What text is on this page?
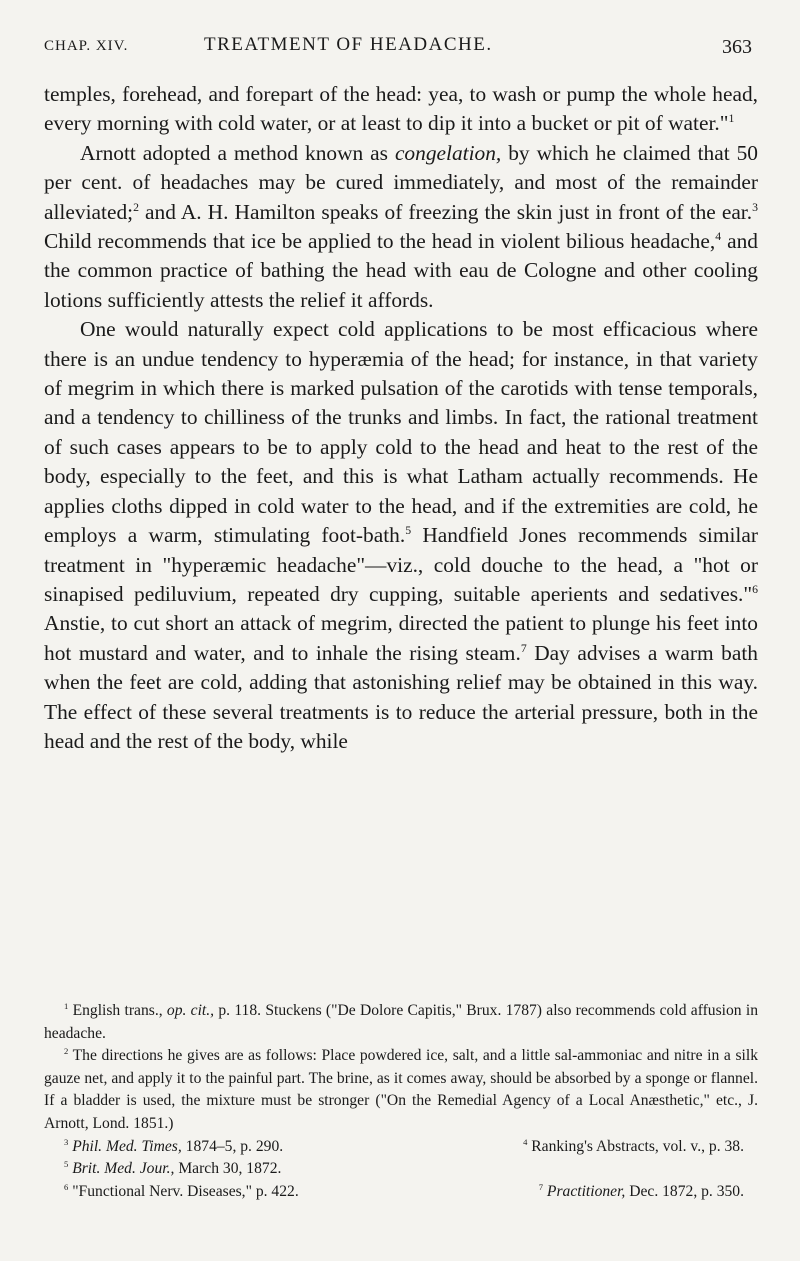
CHAP. XIV.	TREATMENT OF HEADACHE.	363

temples, forehead, and forepart of the head: yea, to wash or pump the whole head, every morning with cold water, or at least to dip it into a bucket or pit of water."$^1$

Arnott adopted a method known as congelation, by which he claimed that 50 per cent. of headaches may be cured immediately, and most of the remainder alleviated;$^2$ and A. H. Hamilton speaks of freezing the skin just in front of the ear.$^3$ Child recommends that ice be applied to the head in violent bilious headache,$^4$ and the common practice of bathing the head with eau de Cologne and other cooling lotions sufficiently attests the relief it affords.

One would naturally expect cold applications to be most efficacious where there is an undue tendency to hyperæmia of the head; for instance, in that variety of megrim in which there is marked pulsation of the carotids with tense temporals, and a tendency to chilliness of the trunks and limbs. In fact, the rational treatment of such cases appears to be to apply cold to the head and heat to the rest of the body, especially to the feet, and this is what Latham actually recommends. He applies cloths dipped in cold water to the head, and if the extremities are cold, he employs a warm, stimulating foot-bath.$^5$ Handfield Jones recommends similar treatment in "hyperæmic headache"—viz., cold douche to the head, a "hot or sinapised pediluvium, repeated dry cupping, suitable aperients and sedatives."$^6$ Anstie, to cut short an attack of megrim, directed the patient to plunge his feet into hot mustard and water, and to inhale the rising steam.$^7$ Day advises a warm bath when the feet are cold, adding that astonishing relief may be obtained in this way. The effect of these several treatments is to reduce the arterial pressure, both in the head and the rest of the body, while

$^1$ English trans., op. cit., p. 118. Stuckens ("De Dolore Capitis," Brux. 1787) also recommends cold affusion in headache.

$^2$ The directions he gives are as follows: Place powdered ice, salt, and a little sal-ammoniac and nitre in a silk gauze net, and apply it to the painful part. The brine, as it comes away, should be absorbed by a sponge or flannel. If a bladder is used, the mixture must be stronger ("On the Remedial Agency of a Local Anæsthetic," etc., J. Arnott, Lond. 1851.)

$^3$ Phil. Med. Times, 1874–5, p. 290.	$^4$ Ranking's Abstracts, vol. v., p. 38.
$^5$ Brit. Med. Jour., March 30, 1872.
$^6$ "Functional Nerv. Diseases," p. 422.	$^7$ Practitioner, Dec. 1872, p. 350.
